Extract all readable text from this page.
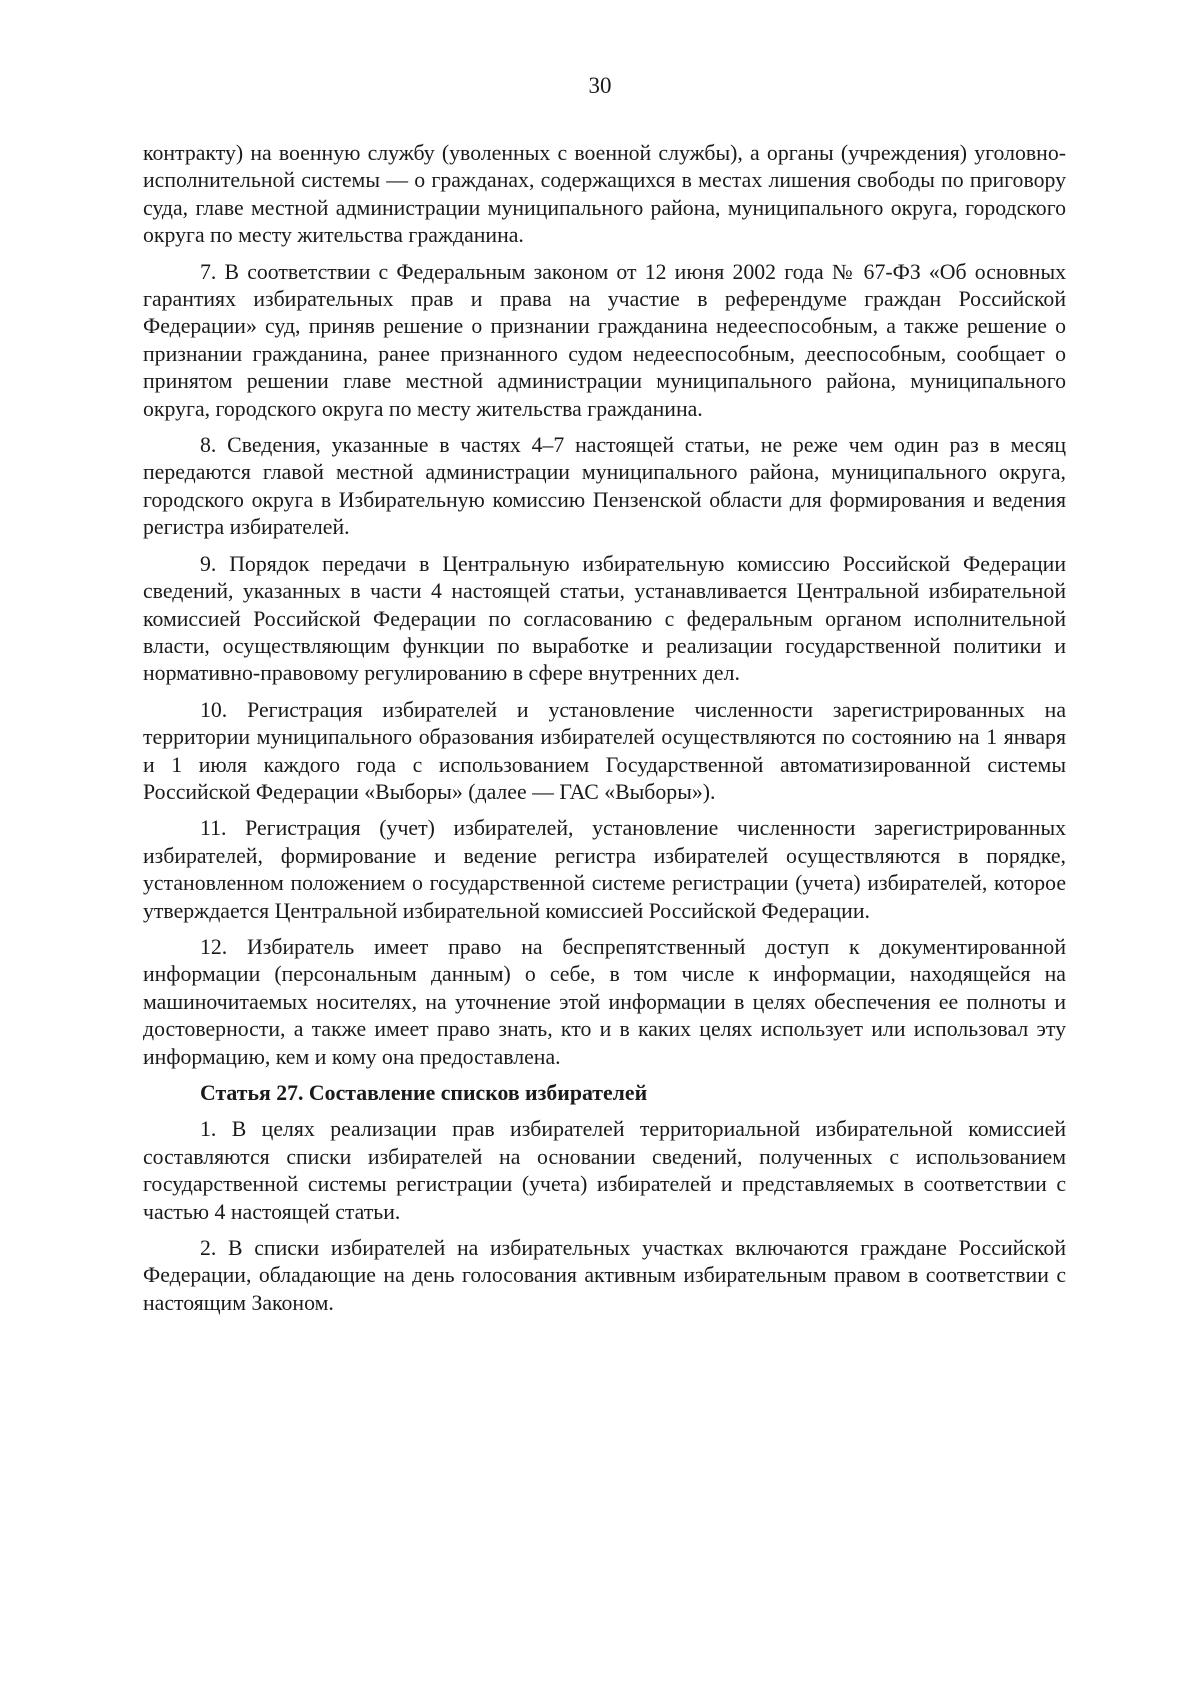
30

контракту) на военную службу (уволенных с военной службы), а органы (учреждения) уголовно-исполнительной системы — о гражданах, содержащихся в местах лишения свободы по приговору суда, главе местной администрации муниципального района, муниципального округа, городского округа по месту жительства гражданина.

7. В соответствии с Федеральным законом от 12 июня 2002 года № 67-ФЗ «Об основных гарантиях избирательных прав и права на участие в референдуме граждан Российской Федерации» суд, приняв решение о признании гражданина недееспособным, а также решение о признании гражданина, ранее признанного судом недееспособным, дееспособным, сообщает о принятом решении главе местной администрации муниципального района, муниципального округа, городского округа по месту жительства гражданина.

8. Сведения, указанные в частях 4–7 настоящей статьи, не реже чем один раз в месяц передаются главой местной администрации муниципального района, муниципального округа, городского округа в Избирательную комиссию Пензенской области для формирования и ведения регистра избирателей.

9. Порядок передачи в Центральную избирательную комиссию Российской Федерации сведений, указанных в части 4 настоящей статьи, устанавливается Центральной избирательной комиссией Российской Федерации по согласованию с федеральным органом исполнительной власти, осуществляющим функции по выработке и реализации государственной политики и нормативно-правовому регулированию в сфере внутренних дел.

10. Регистрация избирателей и установление численности зарегистрированных на территории муниципального образования избирателей осуществляются по состоянию на 1 января и 1 июля каждого года с использованием Государственной автоматизированной системы Российской Федерации «Выборы» (далее — ГАС «Выборы»).

11. Регистрация (учет) избирателей, установление численности зарегистрированных избирателей, формирование и ведение регистра избирателей осуществляются в порядке, установленном положением о государственной системе регистрации (учета) избирателей, которое утверждается Центральной избирательной комиссией Российской Федерации.

12. Избиратель имеет право на беспрепятственный доступ к документированной информации (персональным данным) о себе, в том числе к информации, находящейся на машиночитаемых носителях, на уточнение этой информации в целях обеспечения ее полноты и достоверности, а также имеет право знать, кто и в каких целях использует или использовал эту информацию, кем и кому она предоставлена.

Статья 27. Составление списков избирателей

1. В целях реализации прав избирателей территориальной избирательной комиссией составляются списки избирателей на основании сведений, полученных с использованием государственной системы регистрации (учета) избирателей и представляемых в соответствии с частью 4 настоящей статьи.

2. В списки избирателей на избирательных участках включаются граждане Российской Федерации, обладающие на день голосования активным избирательным правом в соответствии с настоящим Законом.
